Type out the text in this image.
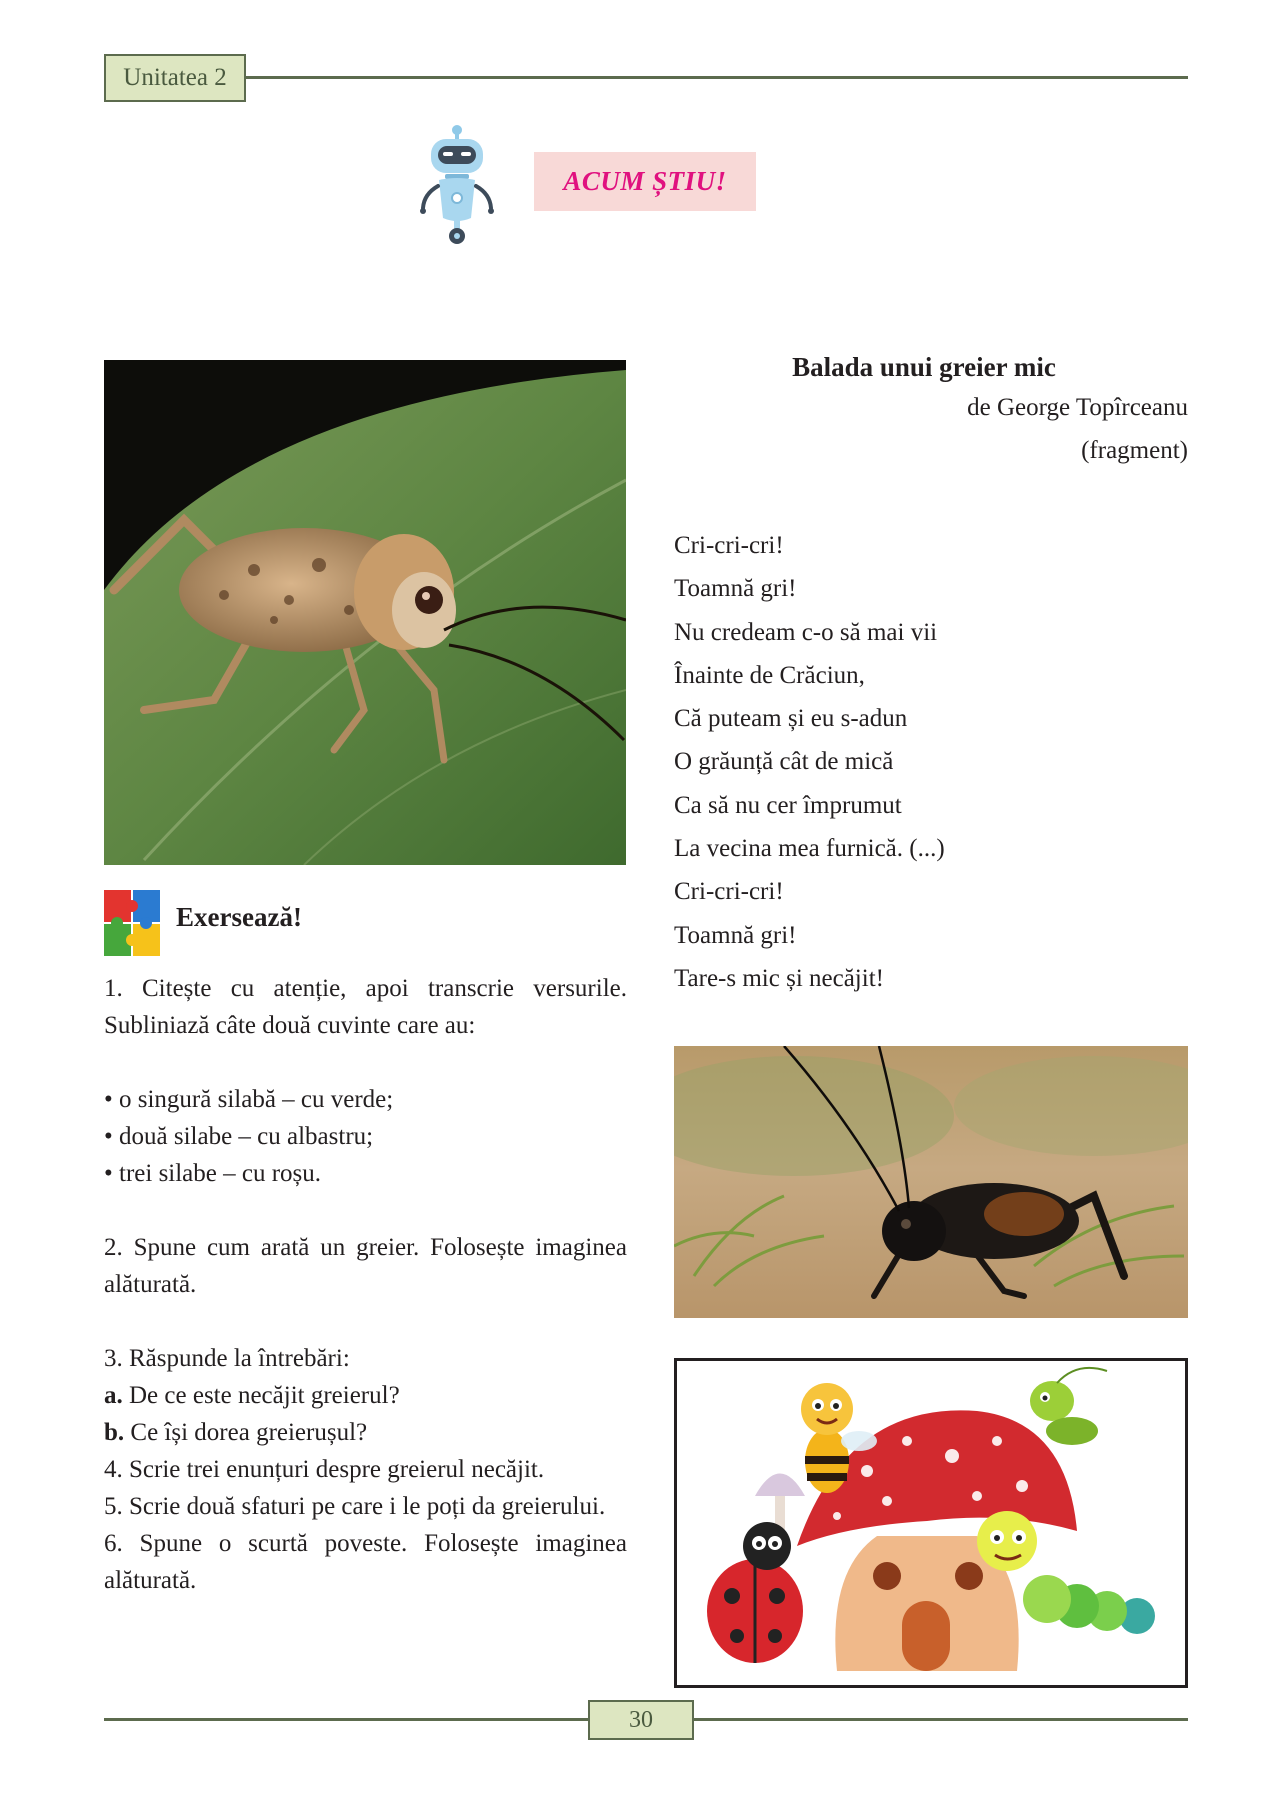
Unitatea 2
ACUM ȘTIU!
Exersează!

1. Citește cu atenție, apoi transcrie versurile. Subliniază câte două cuvinte care au:

• o singură silabă – cu verde;

• două silabe – cu albastru;

• trei silabe – cu roșu.

2. Spune cum arată un greier. Folosește imaginea alăturată.

3. Răspunde la întrebări:

a. De ce este necăjit greierul?

b. Ce își dorea greierușul?

4. Scrie trei enunțuri despre greierul necăjit.

5. Scrie două sfaturi pe care i le poți da greierului.

6. Spune o scurtă poveste. Folosește imaginea alăturată.

Balada unui greier mic
de George Topîrceanu
(fragment)
Cri-cri-cri!
Toamnă gri!
Nu credeam c-o să mai vii
Înainte de Crăciun,
Că puteam și eu s-adun
O grăunță cât de mică
Ca să nu cer împrumut
La vecina mea furnică. (...)
Cri-cri-cri!
Toamnă gri!
Tare-s mic și necăjit!
30
